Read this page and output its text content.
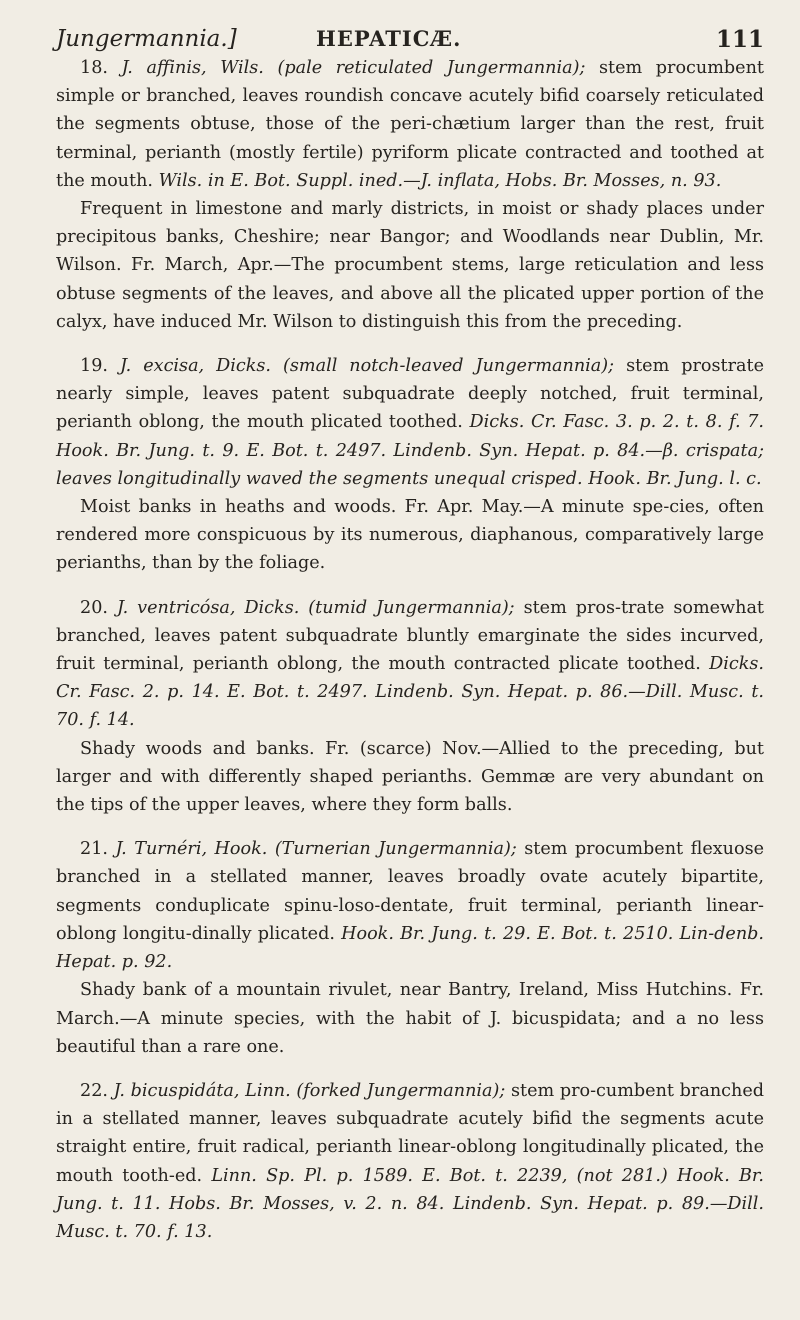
Jungermannia.]	HEPATICÆ.	111

18. J. affinis, Wils. (pale reticulated Jungermannia); stem procumbent simple or branched, leaves roundish concave acutely bifid coarsely reticulated the segments obtuse, those of the peri-chætium larger than the rest, fruit terminal, perianth (mostly fertile) pyriform plicate contracted and toothed at the mouth. Wils. in E. Bot. Suppl. ined.—J. inflata, Hobs. Br. Mosses, n. 93.

Frequent in limestone and marly districts, in moist or shady places under precipitous banks, Cheshire; near Bangor; and Woodlands near Dublin, Mr. Wilson. Fr. March, Apr.—The procumbent stems, large reticulation and less obtuse segments of the leaves, and above all the plicated upper portion of the calyx, have induced Mr. Wilson to distinguish this from the preceding.

19. J. excisa, Dicks. (small notch-leaved Jungermannia); stem prostrate nearly simple, leaves patent subquadrate deeply notched, fruit terminal, perianth oblong, the mouth plicated toothed. Dicks. Cr. Fasc. 3. p. 2. t. 8. f. 7. Hook. Br. Jung. t. 9. E. Bot. t. 2497. Lindenb. Syn. Hepat. p. 84.—β. crispata; leaves longitudinally waved the segments unequal crisped. Hook. Br. Jung. l. c.

Moist banks in heaths and woods. Fr. Apr. May.—A minute spe-cies, often rendered more conspicuous by its numerous, diaphanous, comparatively large perianths, than by the foliage.

20. J. ventricósa, Dicks. (tumid Jungermannia); stem pros-trate somewhat branched, leaves patent subquadrate bluntly emarginate the sides incurved, fruit terminal, perianth oblong, the mouth contracted plicate toothed. Dicks. Cr. Fasc. 2. p. 14. E. Bot. t. 2497. Lindenb. Syn. Hepat. p. 86.—Dill. Musc. t. 70. f. 14.

Shady woods and banks. Fr. (scarce) Nov.—Allied to the preceding, but larger and with differently shaped perianths. Gemmæ are very abundant on the tips of the upper leaves, where they form balls.

21. J. Turnéri, Hook. (Turnerian Jungermannia); stem procumbent flexuose branched in a stellated manner, leaves broadly ovate acutely bipartite, segments conduplicate spinu-loso-dentate, fruit terminal, perianth linear-oblong longitu-dinally plicated. Hook. Br. Jung. t. 29. E. Bot. t. 2510. Lin-denb. Hepat. p. 92.

Shady bank of a mountain rivulet, near Bantry, Ireland, Miss Hutchins. Fr. March.—A minute species, with the habit of J. bicuspidata; and a no less beautiful than a rare one.

22. J. bicuspidáta, Linn. (forked Jungermannia); stem pro-cumbent branched in a stellated manner, leaves subquadrate acutely bifid the segments acute straight entire, fruit radical, perianth linear-oblong longitudinally plicated, the mouth tooth-ed. Linn. Sp. Pl. p. 1589. E. Bot. t. 2239, (not 281.) Hook. Br. Jung. t. 11. Hobs. Br. Mosses, v. 2. n. 84. Lindenb. Syn. Hepat. p. 89.—Dill. Musc. t. 70. f. 13.
